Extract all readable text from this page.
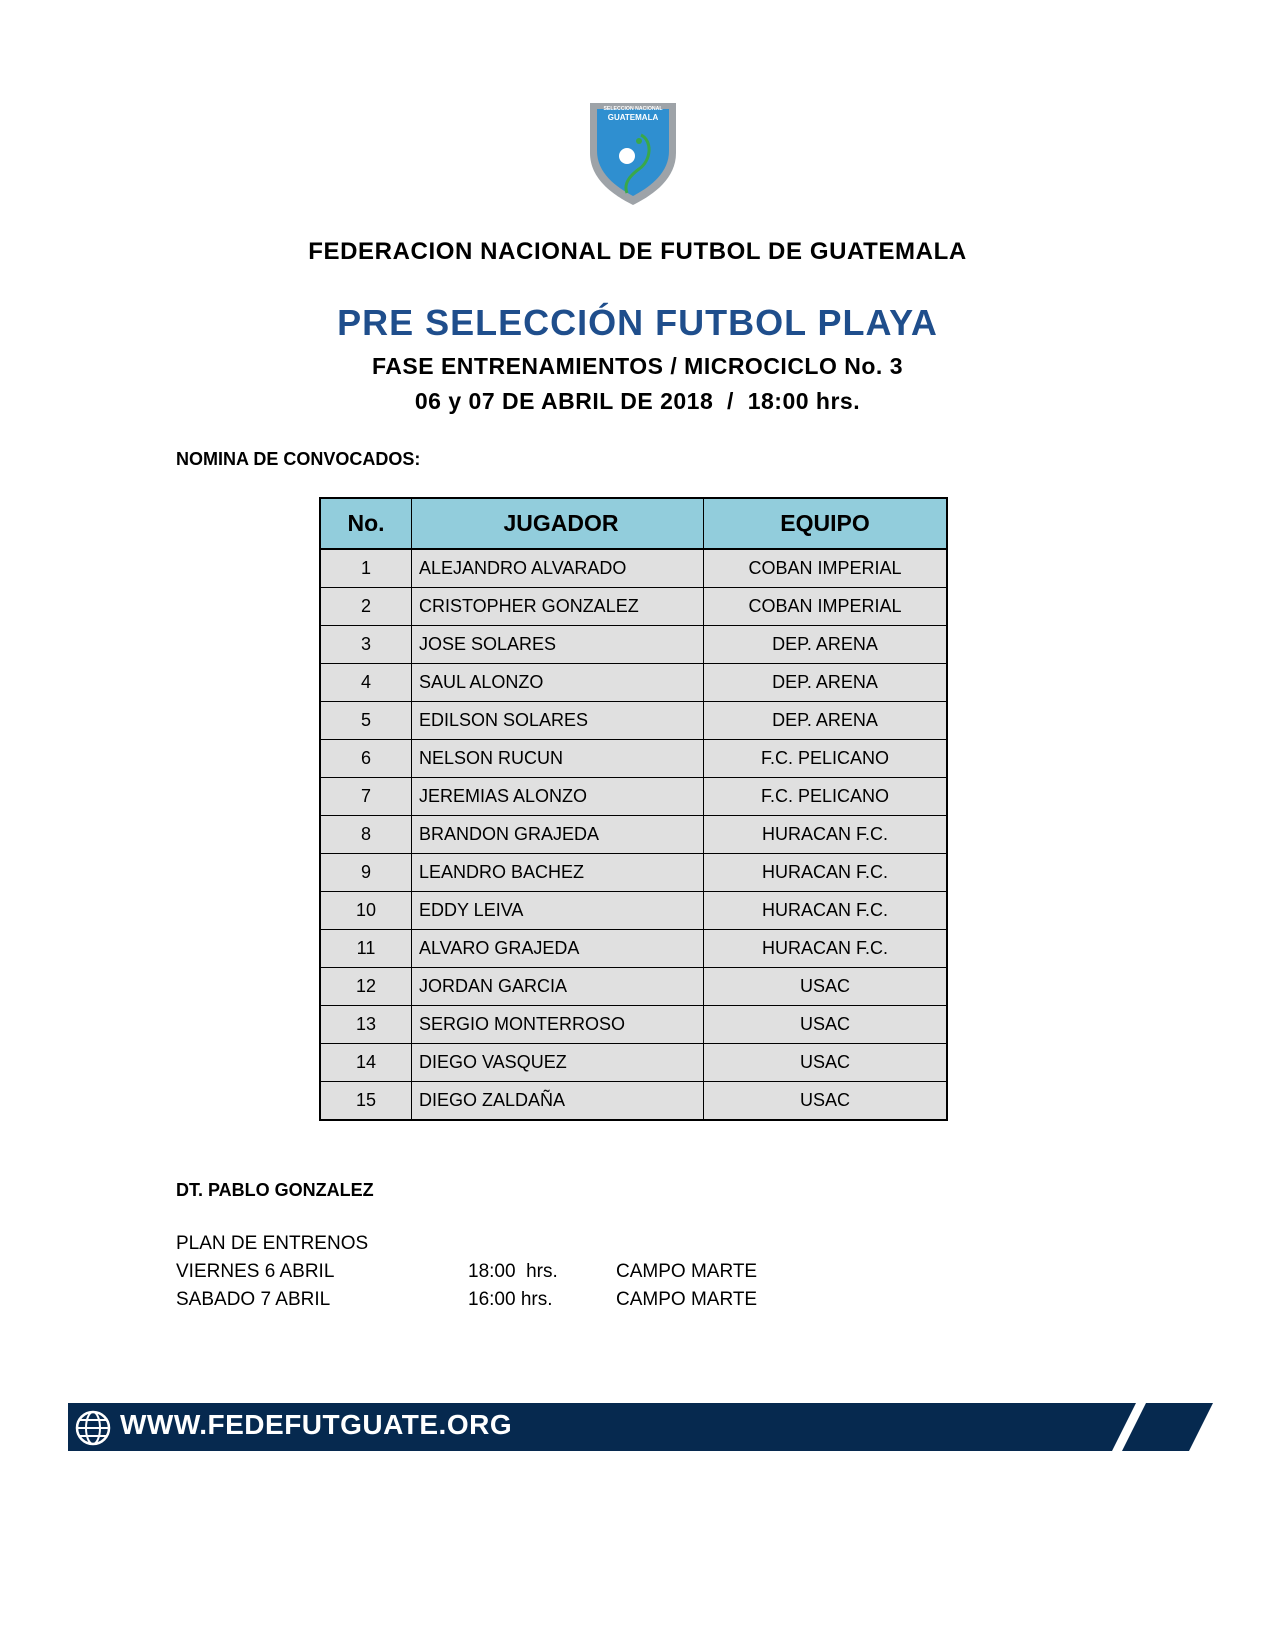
SELECCION NACIONAL
GUATEMALA
FEDERACION NACIONAL DE FUTBOL DE GUATEMALA
PRE SELECCIÓN FUTBOL PLAYA
FASE ENTRENAMIENTOS / MICROCICLO No. 3
06 y 07 DE ABRIL DE 2018  /  18:00 hrs.
NOMINA DE CONVOCADOS:
No.	JUGADOR	EQUIPO
1	ALEJANDRO ALVARADO	COBAN IMPERIAL
2	CRISTOPHER GONZALEZ	COBAN IMPERIAL
3	JOSE SOLARES	DEP. ARENA
4	SAUL ALONZO	DEP. ARENA
5	EDILSON SOLARES	DEP. ARENA
6	NELSON RUCUN	F.C. PELICANO
7	JEREMIAS ALONZO	F.C. PELICANO
8	BRANDON GRAJEDA	HURACAN F.C.
9	LEANDRO BACHEZ	HURACAN F.C.
10	EDDY LEIVA	HURACAN F.C.
11	ALVARO GRAJEDA	HURACAN F.C.
12	JORDAN GARCIA	USAC
13	SERGIO MONTERROSO	USAC
14	DIEGO VASQUEZ	USAC
15	DIEGO ZALDAÑA	USAC
DT. PABLO GONZALEZ
PLAN DE ENTRENOS
VIERNES 6 ABRIL	18:00  hrs.	CAMPO MARTE
SABADO 7 ABRIL	16:00 hrs.	CAMPO MARTE
WWW.FEDEFUTGUATE.ORG
